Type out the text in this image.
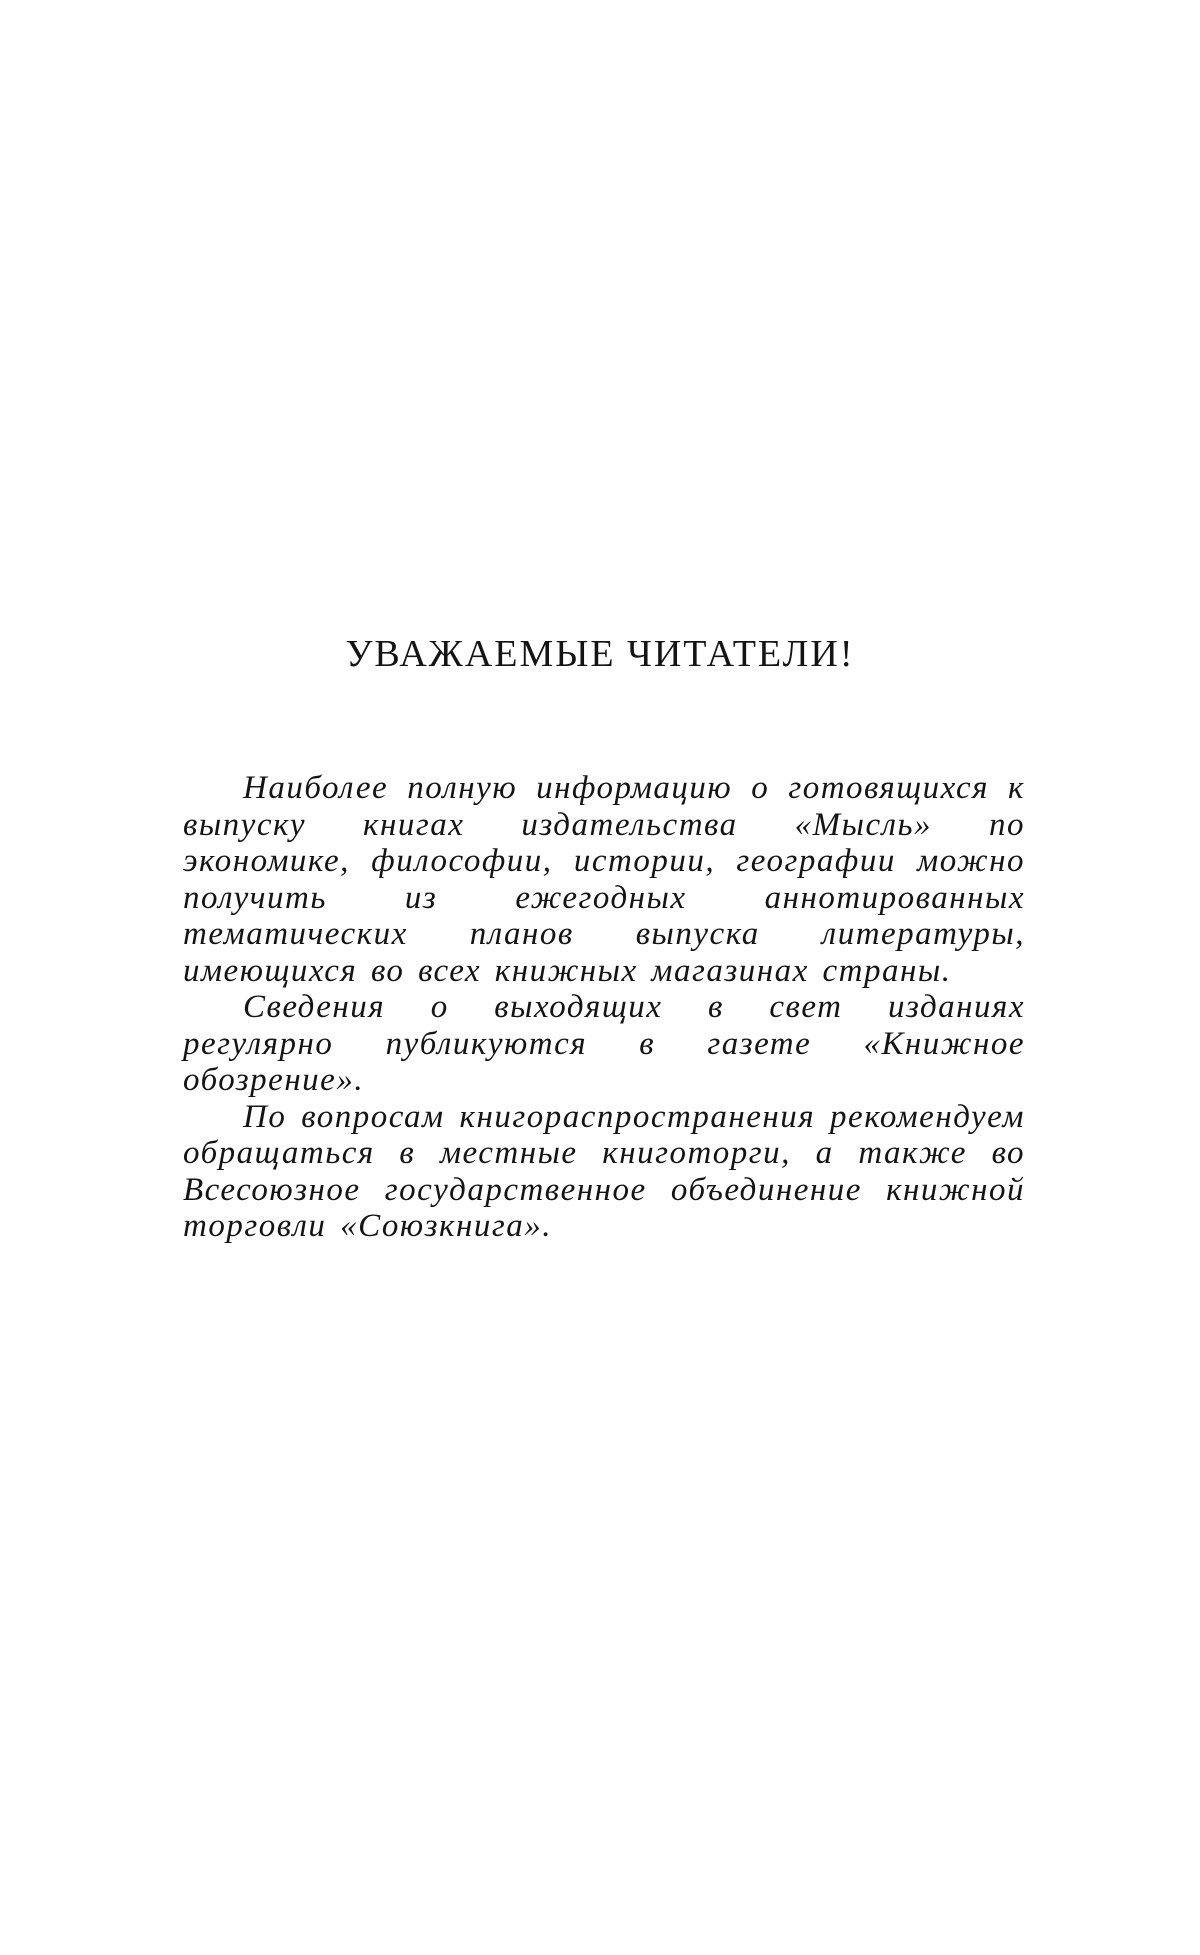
УВАЖАЕМЫЕ ЧИТАТЕЛИ!

Наиболее полную информацию о готовящихся к выпуску книгах издательства «Мысль» по экономике, философии, истории, географии можно получить из ежегодных аннотированных тематических планов выпуска литературы, имеющихся во всех книжных магазинах страны.

Сведения о выходящих в свет изданиях регулярно публикуются в газете «Книжное обозрение».

По вопросам книгораспространения рекомендуем обращаться в местные книготорги, а также во Всесоюзное государственное объединение книжной торговли «Союзкнига».
